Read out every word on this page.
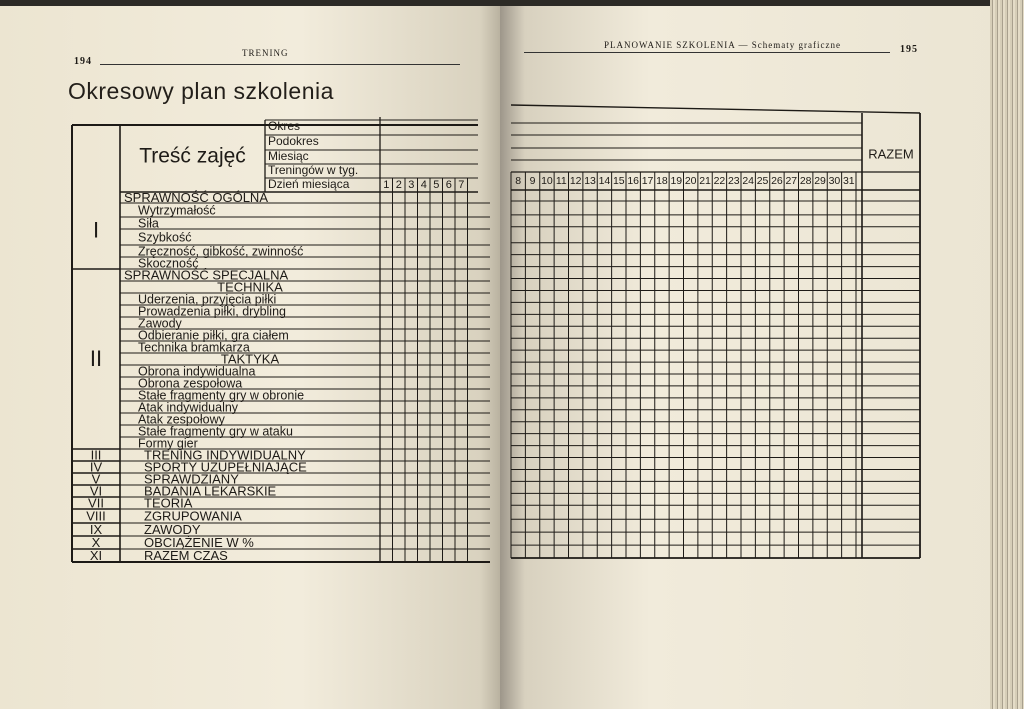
194
TRENING
PLANOWANIE SZKOLENIA — Schematy graficzne	195
Okresowy plan szkolenia
Okres
Podokres
Miesiąc
Treningów w tyg.
Dzień miesiąca
Treść zajęć
1 2 3 4 5 6 7
SPRAWNOŚĆ OGÓLNA
Wytrzymałość
Siła
Szybkość
Zręczność, gibkość, zwinność
Skoczność
SPRAWNOŚĆ SPECJALNA
TECHNIKA
Uderzenia, przyjęcia piłki
Prowadzenia piłki, drybling
Zawody
Odbieranie piłki, gra ciałem
Technika bramkarza
TAKTYKA
Obrona indywidualna
Obrona zespołowa
Stałe fragmenty gry w obronie
Atak indywidualny
Atak zespołowy
Stałe fragmenty gry w ataku
Formy gier
TRENING INDYWIDUALNY
SPORTY UZUPEŁNIAJĄCE
SPRAWDZIANY
BADANIA LEKARSKIE
TEORIA
ZGRUPOWANIA
ZAWODY
OBCIĄŻENIE W %
RAZEM CZAS
I
II
III
IV
V
VI
VII
VIII
IX
X
XI
RAZEM
8 9 10 11 12 13 14 15 16 17 18 19 20 21 22 23 24 25 26 27 28 29 30 31
